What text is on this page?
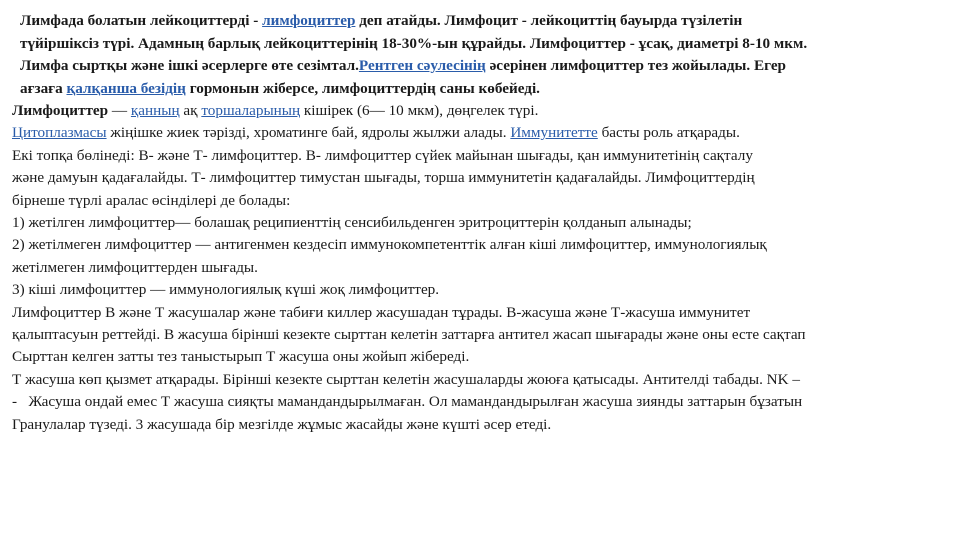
Лимфада болатын лейкоциттерді - лимфоциттер деп атайды. Лимфоцит - лейкоциттің бауырда түзілетін
түйіршіксіз түрі. Адамның барлық лейкоциттерінің 18-30%-ын құрайды. Лимфоциттер - ұсақ, диаметрі 8-10 мкм.
Лимфа сыртқы және ішкі әсерлерге өте сезімтал.Рентген сәулесінің әсерінен лимфоциттер тез жойылады. Егер
ағзаға қалқанша безідің гормонын жіберсе, лимфоциттердің саны көбейеді.
Лимфоциттер — қанның ақ торшаларының кішірек (6— 10 мкм), дөңгелек түрі.
Цитоплазмасы жіңішке жиек тәрізді, хроматинге бай, ядролы жылжи алады. Иммунитетте басты роль атқарады.
Екі топқа бөлінеді: В- және Т- лимфоциттер. В- лимфоциттер сүйек майынан шығады, қан иммунитетінің сақталу
және дамуын қадағалайды. Т- лимфоциттер тимустан шығады, торша иммунитетін қадағалайды. Лимфоциттердің
бірнеше түрлі аралас өсінділері де болады:
1) жетілген лимфоциттер— болашақ реципиенттің сенсибильденген эритроциттерін қолданып алынады;
2) жетілмеген лимфоциттер — антигенмен кездесіп иммунокомпетенттік алған кіші лимфоциттер, иммунологиялық
жетілмеген лимфоциттерден шығады.
3) кіші лимфоциттер — иммунологиялық күші жоқ лимфоциттер.
Лимфоциттер В және Т жасушалар және табиғи киллер жасушадан тұрады. В-жасуша және Т-жасуша иммунитет
қалыптасуын реттейді. В жасуша бірінші кезекте сырттан келетін заттарға антител жасап шығарады және оны есте сақтап
Сырттан келген затты тез таныстырып Т жасуша оны жойып жібереді.
Т жасуша көп қызмет атқарады. Бірінші кезекте сырттан келетін жасушаларды жоюға қатысады. Антителді табады. NK –
-   Жасуша ондай емес Т жасуша сияқты мамандандырылмаған. Ол мамандандырылған жасуша зиянды заттарын бұзатын
Гранулалар түзеді. 3 жасушада бір мезгілде жұмыс жасайды және күшті әсер етеді.
